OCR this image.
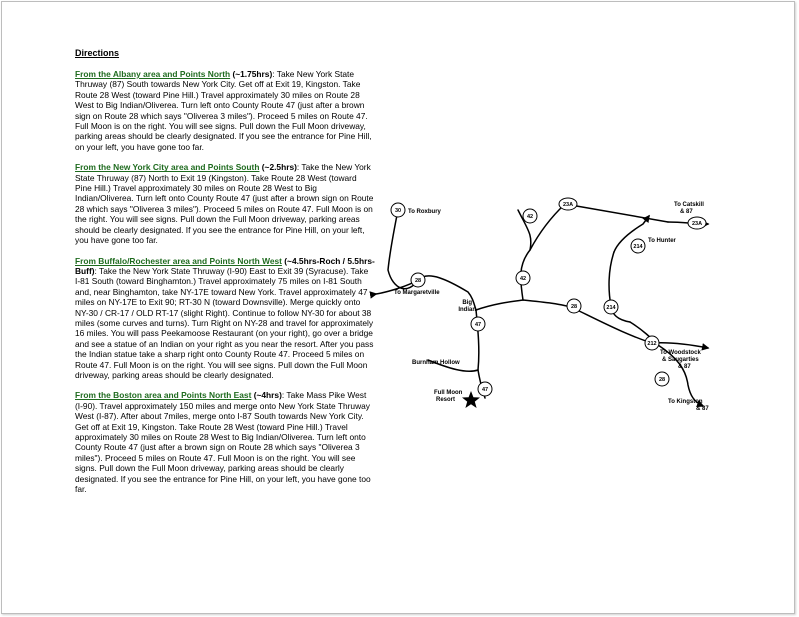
Directions

From the Albany area and Points North (~1.75hrs): Take New York State Thruway (87) South towards New York City. Get off at Exit 19, Kingston. Take Route 28 West (toward Pine Hill.) Travel approximately 30 miles on Route 28 West to Big Indian/Oliverea. Turn left onto County Route 47 (just after a brown sign on Route 28 which says "Oliverea 3 miles"). Proceed 5 miles on Route 47. Full Moon is on the right. You will see signs. Pull down the Full Moon driveway, parking areas should be clearly designated. If you see the entrance for Pine Hill, on your left, you have gone too far.

From the New York City area and Points South (~2.5hrs): Take the New York State Thruway (87) North to Exit 19 (Kingston). Take Route 28 West (toward Pine Hill.) Travel approximately 30 miles on Route 28 West to Big Indian/Oliverea. Turn left onto County Route 47 (just after a brown sign on Route 28 which says "Oliverea 3 miles"). Proceed 5 miles on Route 47. Full Moon is on the right. You will see signs. Pull down the Full Moon driveway, parking areas should be clearly designated. If you see the entrance for Pine Hill, on your left, you have gone too far.

From Buffalo/Rochester area and Points North West (~4.5hrs-Roch / 5.5hrs-Buff): Take the New York State Thruway (I-90) East to Exit 39 (Syracuse). Take I-81 South (toward Binghamton.) Travel approximately 75 miles on I-81 South and, near Binghamton, take NY-17E toward New York. Travel approximately 47 miles on NY-17E to Exit 90; RT-30 N (toward Downsville). Merge quickly onto NY-30 / CR-17 / OLD RT-17 (slight Right). Continue to follow NY-30 for about 38 miles (some curves and turns). Turn Right on NY-28 and travel for approximately 16 miles. You will pass Peekamoose Restaurant (on your right), go over a bridge and see a statue of an Indian on your right as you near the resort. After you pass the Indian statue take a sharp right onto County Route 47. Proceed 5 miles on Route 47. Full Moon is on the right. You will see signs. Pull down the Full Moon driveway, parking areas should be clearly designated.

From the Boston area and Points North East (~4hrs): Take Mass Pike West (I-90). Travel approximately 150 miles and merge onto New York State Thruway West (I-87). After about 7miles, merge onto I-87 South towards New York City. Get off at Exit 19, Kingston. Take Route 28 West (toward Pine Hill.) Travel approximately 30 miles on Route 28 West to Big Indian/Oliverea. Turn left onto County Route 47 (just after a brown sign on Route 28 which says "Oliverea 3 miles"). Proceed 5 miles on Route 47. Full Moon is on the right. You will see signs. Pull down the Full Moon driveway, parking areas should be clearly designated. If you see the entrance for Pine Hill, on your left, you have gone too far.

30
42
23A
23A
214
28	42
47
28	214
212
28
47
To Roxbury
To Margaretville
Big
Indian
Burnham Hollow
Full Moon
Resort
To Catskill
& 87
To Hunter
To Woodstock
& Saugarties
& 87
To Kingston
& 87
